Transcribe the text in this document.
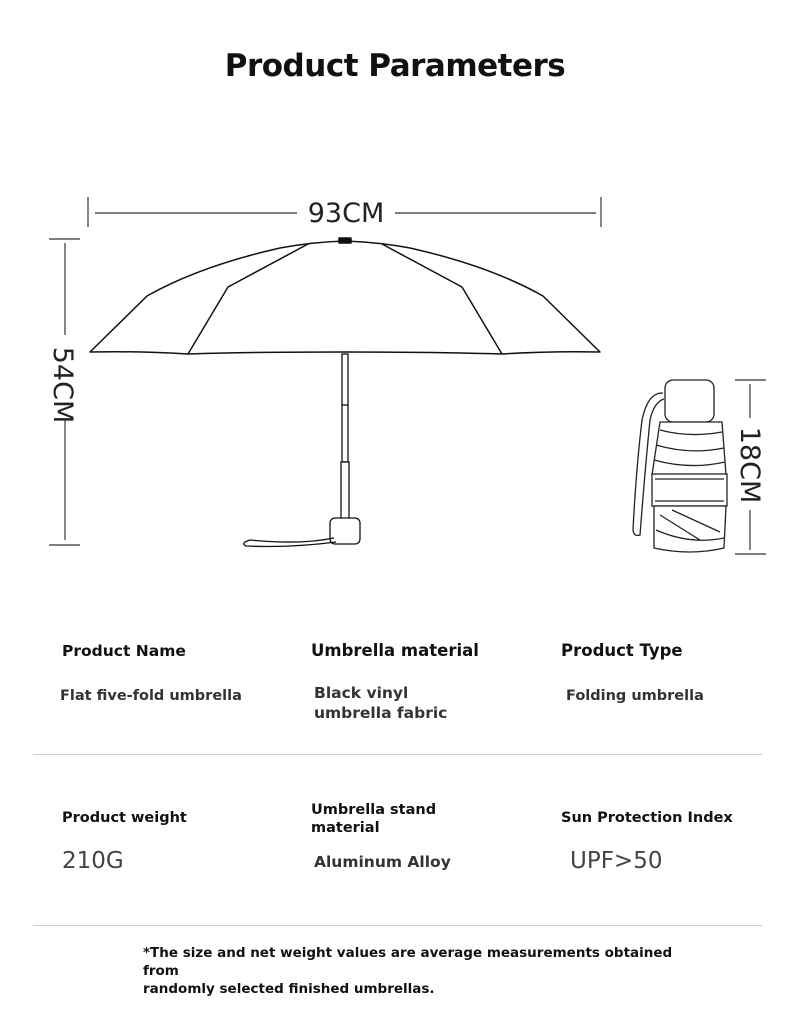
Product Parameters
93CM
54CM
18CM
Product Name
Flat five-fold umbrella
Umbrella material
Black vinyl
umbrella fabric
Product Type
Folding umbrella
Product weight
210G
Umbrella stand
material
Aluminum Alloy
Sun Protection Index
UPF>50
*The size and net weight values are average measurements obtained from
randomly selected finished umbrellas.
